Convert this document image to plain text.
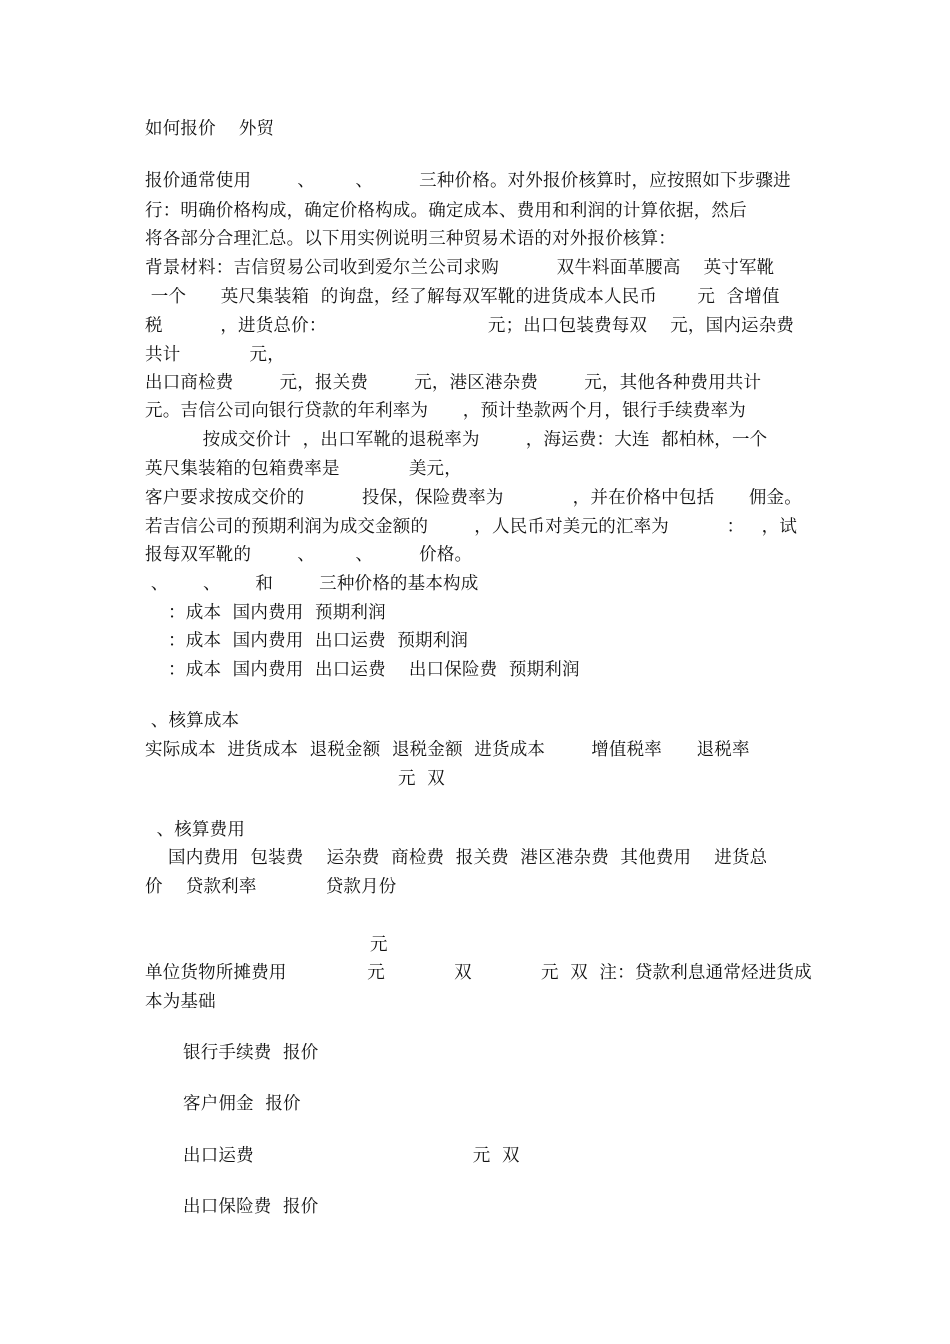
如何报价    外贸
报价通常使用        、       、        三种价格。对外报价核算时，应按照如下步骤进
行：明确价格构成，确定价格构成。确定成本、费用和利润的计算依据，然后
将各部分合理汇总。以下用实例说明三种贸易术语的对外报价核算：
背景材料：吉信贸易公司收到爱尔兰公司求购          双牛料面革腰高    英寸军靴
一个      英尺集装箱  的询盘，经了解每双军靴的进货成本人民币       元  含增值
税          ，进货总价：                            元；出口包装费每双    元，国内运杂费
共计            元，
出口商检费        元，报关费        元，港区港杂费        元，其他各种费用共计
元。吉信公司向银行贷款的年利率为      ，预计垫款两个月，银行手续费率为
按成交价计  ，出口军靴的退税率为        ，海运费：大连  都柏林，一个
英尺集装箱的包箱费率是            美元，
客户要求按成交价的          投保，保险费率为            ，并在价格中包括      佣金。
若吉信公司的预期利润为成交金额的        ，人民币对美元的汇率为          ：   ，试
报每双军靴的        、       、        价格。
、      、      和        三种价格的基本构成
：成本  国内费用  预期利润
：成本  国内费用  出口运费  预期利润
：成本  国内费用  出口运费    出口保险费  预期利润
、核算成本
实际成本  进货成本  退税金额  退税金额  进货成本        增值税率      退税率
元  双
、核算费用
国内费用  包装费    运杂费  商检费  报关费  港区港杂费  其他费用    进货总
价    贷款利率            贷款月份
元
单位货物所摊费用              元            双            元  双  注：贷款利息通常烃进货成
本为基础
银行手续费  报价
客户佣金  报价
出口运费                                      元  双
出口保险费  报价
